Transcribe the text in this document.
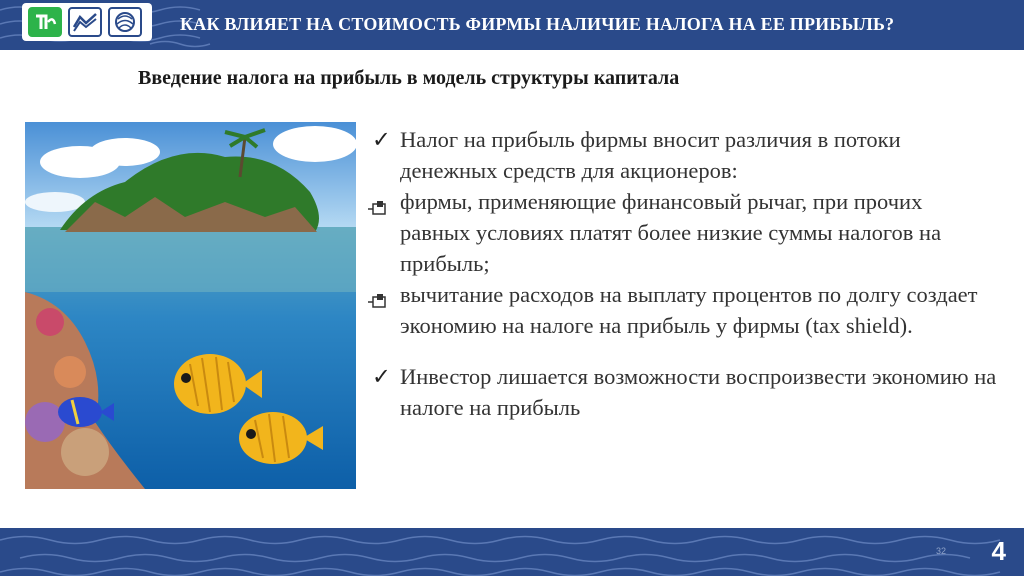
КАК ВЛИЯЕТ НА СТОИМОСТЬ ФИРМЫ НАЛИЧИЕ НАЛОГА НА ЕЕ ПРИБЫЛЬ?
Введение налога на прибыль в модель структуры капитала
✓ Налог на прибыль фирмы вносит различия в потоки денежных средств для акционеров:
фирмы, применяющие финансовый рычаг, при прочих равных условиях платят более низкие суммы налогов на прибыль;
вычитание расходов на выплату процентов по долгу создает экономию на налоге на прибыль у фирмы (tax shield).
✓ Инвестор лишается возможности воспроизвести экономию на налоге на прибыль
32 4
